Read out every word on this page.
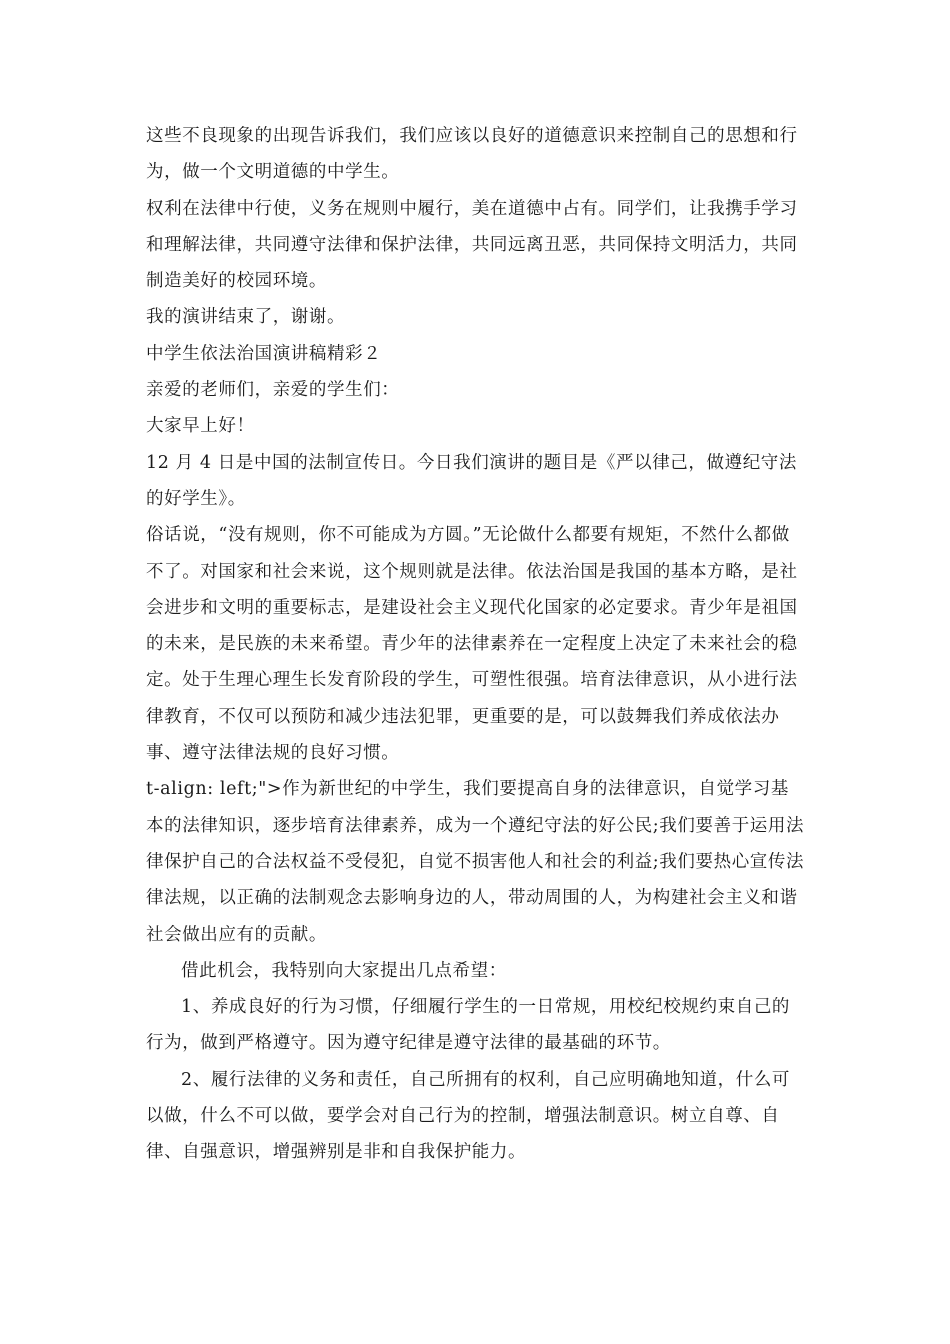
这些不良现象的出现告诉我们，我们应该以良好的道德意识来控制自己的思想和行为，做一个文明道德的中学生。

权利在法律中行使，义务在规则中履行，美在道德中占有。同学们，让我携手学习和理解法律，共同遵守法律和保护法律，共同远离丑恶，共同保持文明活力，共同制造美好的校园环境。

我的演讲结束了，谢谢。

中学生依法治国演讲稿精彩２

亲爱的老师们，亲爱的学生们：

大家早上好！

12 月 4 日是中国的法制宣传日。今日我们演讲的题目是《严以律己，做遵纪守法的好学生》。

俗话说，“没有规则，你不可能成为方圆。”无论做什么都要有规矩，不然什么都做不了。对国家和社会来说，这个规则就是法律。依法治国是我国的基本方略，是社会进步和文明的重要标志，是建设社会主义现代化国家的必定要求。青少年是祖国的未来，是民族的未来希望。青少年的法律素养在一定程度上决定了未来社会的稳定。处于生理心理生长发育阶段的学生，可塑性很强。培育法律意识，从小进行法律教育，不仅可以预防和减少违法犯罪，更重要的是，可以鼓舞我们养成依法办事、遵守法律法规的良好习惯。

t-align: left;">作为新世纪的中学生，我们要提高自身的法律意识，自觉学习基本的法律知识，逐步培育法律素养，成为一个遵纪守法的好公民;我们要善于运用法律保护自己的合法权益不受侵犯，自觉不损害他人和社会的利益;我们要热心宣传法律法规，以正确的法制观念去影响身边的人，带动周围的人，为构建社会主义和谐社会做出应有的贡献。

借此机会，我特别向大家提出几点希望：

1、养成良好的行为习惯，仔细履行学生的一日常规，用校纪校规约束自己的行为，做到严格遵守。因为遵守纪律是遵守法律的最基础的环节。

2、履行法律的义务和责任，自己所拥有的权利，自己应明确地知道，什么可以做，什么不可以做，要学会对自己行为的控制，增强法制意识。树立自尊、自律、自强意识，增强辨别是非和自我保护能力。
